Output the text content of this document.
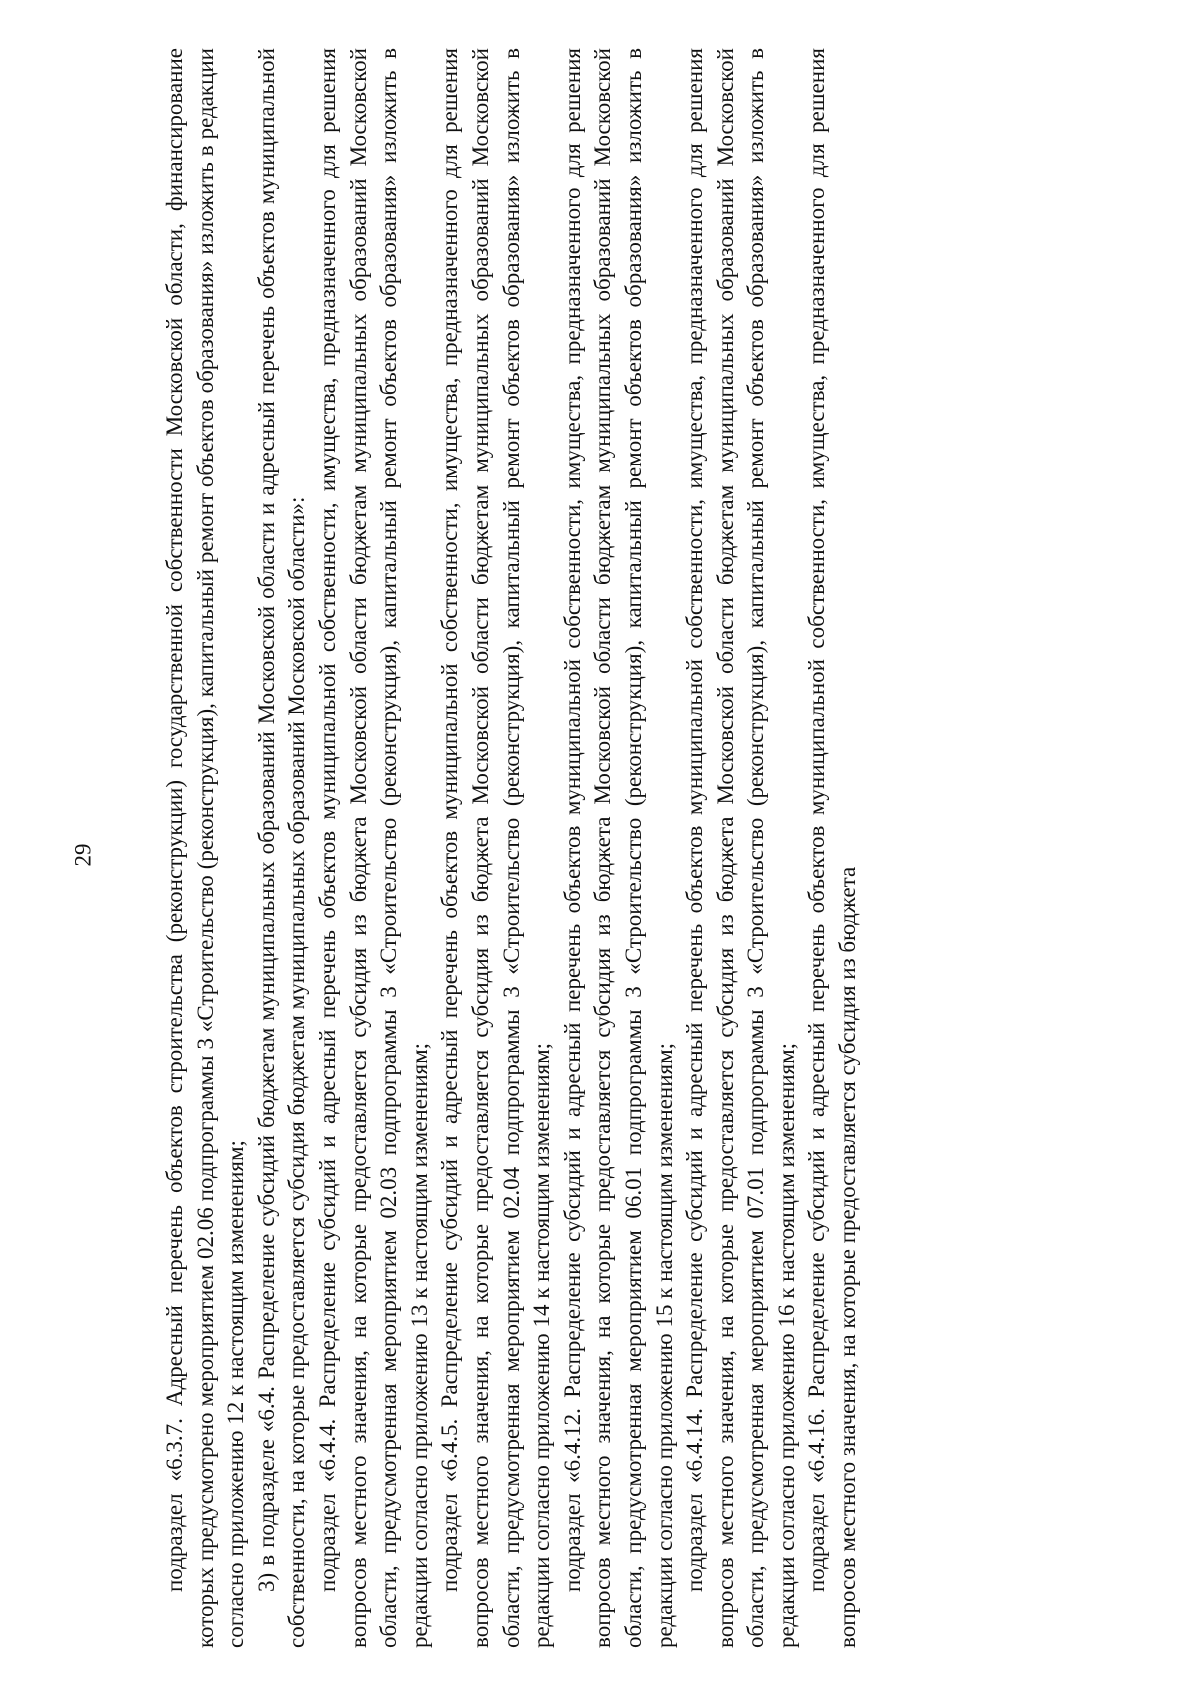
29	подраздел «6.3.7. Адресный перечень объектов строительства (реконструкции) государственной собственности Московской области, финансирование которых предусмотрено мероприятием 02.06 подпрограммы 3 «Строительство (реконструкция), капитальный ремонт объектов образования» изложить в редакции согласно приложению 12 к настоящим изменениям; 3) в подразделе «6.4. Распределение субсидий бюджетам муниципальных образований Московской области и адресный перечень объектов муниципальной собственности, на которые предоставляется субсидия бюджетам муниципальных образований Московской области»: подраздел «6.4.4. Распределение субсидий и адресный перечень объектов муниципальной собственности, имущества, предназначенного для решения вопросов местного значения, на которые предоставляется субсидия из бюджета Московской области бюджетам муниципальных образований Московской области, предусмотренная мероприятием 02.03 подпрограммы 3 «Строительство (реконструкция), капитальный ремонт объектов образования» изложить в редакции согласно приложению 13 к настоящим изменениям; подраздел «6.4.5. Распределение субсидий и адресный перечень объектов муниципальной собственности, имущества, предназначенного для решения вопросов местного значения, на которые предоставляется субсидия из бюджета Московской области бюджетам муниципальных образований Московской области, предусмотренная мероприятием 02.04 подпрограммы 3 «Строительство (реконструкция), капитальный ремонт объектов образования» изложить в редакции согласно приложению 14 к настоящим изменениям; подраздел «6.4.12. Распределение субсидий и адресный перечень объектов муниципальной собственности, имущества, предназначенного для решения вопросов местного значения, на которые предоставляется субсидия из бюджета Московской области бюджетам муниципальных образований Московской области, предусмотренная мероприятием 06.01 подпрограммы 3 «Строительство (реконструкция), капитальный ремонт объектов образования» изложить в редакции согласно приложению 15 к настоящим изменениям; подраздел «6.4.14. Распределение субсидий и адресный перечень объектов муниципальной собственности, имущества, предназначенного для решения вопросов местного значения, на которые предоставляется субсидия из бюджета Московской области бюджетам муниципальных образований Московской области, предусмотренная мероприятием 07.01 подпрограммы 3 «Строительство (реконструкция), капитальный ремонт объектов образования» изложить в редакции согласно приложению 16 к настоящим изменениям; подраздел «6.4.16. Распределение субсидий и адресный перечень объектов муниципальной собственности, имущества, предназначенного для решения вопросов местного значения, на которые предоставляется субсидия из бюджета
